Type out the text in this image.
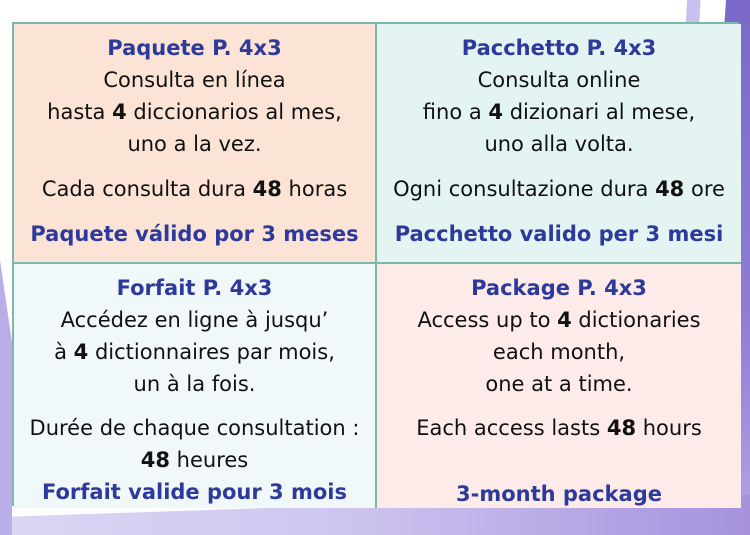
Paquete P. 4x3
Consulta en línea
hasta 4 diccionarios al mes,
uno a la vez.
Cada consulta dura 48 horas
Paquete válido por 3 meses
Pacchetto P. 4x3
Consulta online
fino a 4 dizionari al mese,
uno alla volta.
Ogni consultazione dura 48 ore
Pacchetto valido per 3 mesi
Forfait P. 4x3
Accédez en ligne à jusqu’
à 4 dictionnaires par mois,
un à la fois.
Durée de chaque consultation :
48 heures
Forfait valide pour 3 mois
Package P. 4x3
Access up to 4 dictionaries
each month,
one at a time.
Each access lasts 48 hours
3-month package
